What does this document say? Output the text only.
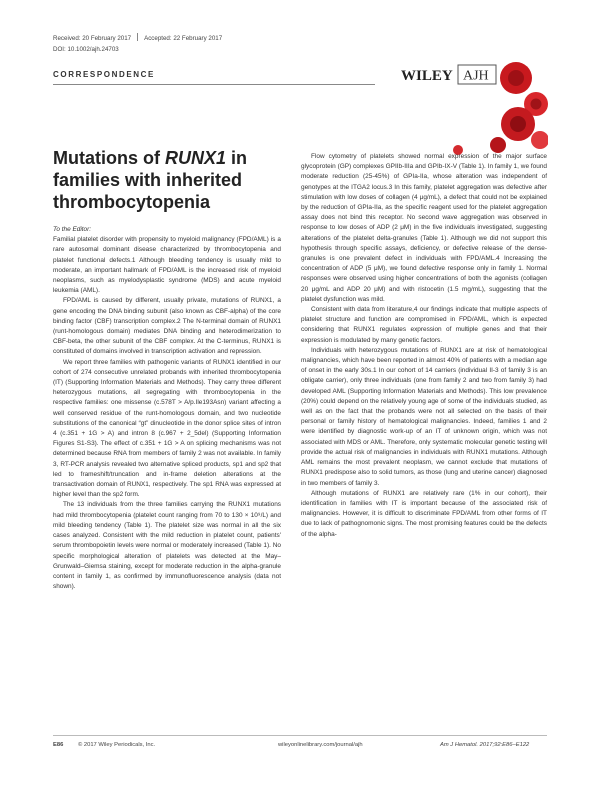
Received: 20 February 2017 Accepted: 22 February 2017
DOI: 10.1002/ajh.24703
CORRESPONDENCE	WILEY AJH
Mutations of RUNX1 in families with inherited thrombocytopenia

To the Editor:

Familial platelet disorder with propensity to myeloid malignancy (FPD/AML) is a rare autosomal dominant disease characterized by thrombocytopenia and platelet functional defects.1 Although bleeding tendency is usually mild to moderate, an important hallmark of FPD/AML is the increased risk of myeloid neoplasms, such as myelodysplastic syndrome (MDS) and acute myeloid leukemia (AML).

FPD/AML is caused by different, usually private, mutations of RUNX1, a gene encoding the DNA binding subunit (also known as CBF-alpha) of the core binding factor (CBF) transcription complex.2 The N-terminal domain of RUNX1 (runt-homologous domain) mediates DNA binding and heterodimerization to CBF-beta, the other subunit of the CBF complex. At the C-terminus, RUNX1 is constituted of domains involved in transcription activation and repression.

We report three families with pathogenic variants of RUNX1 identified in our cohort of 274 consecutive unrelated probands with inherited thrombocytopenia (IT) (Supporting Information Materials and Methods). They carry three different heterozygous mutations, all segregating with thrombocytopenia in the respective families: one missense (c.578T > A/p.Ile193Asn) variant affecting a well conserved residue of the runt-homologous domain, and two nucleotide substitutions of the canonical “gt” dinucleotide in the donor splice sites of intron 4 (c.351 + 1G > A) and intron 8 (c.967 + 2_5del) (Supporting Information Figures S1-S3). The effect of c.351 + 1G > A on splicing mechanisms was not determined because RNA from members of family 2 was not available. In family 3, RT-PCR analysis revealed two alternative spliced products, sp1 and sp2 that led to frameshift/truncation and in-frame deletion alterations at the transactivation domain of RUNX1, respectively. The sp1 RNA was expressed at higher level than the sp2 form.

The 13 individuals from the three families carrying the RUNX1 mutations had mild thrombocytopenia (platelet count ranging from 70 to 130 × 10⁹/L) and mild bleeding tendency (Table 1). The platelet size was normal in all the six cases analyzed. Consistent with the mild reduction in platelet count, patients' serum thrombopoietin levels were normal or moderately increased (Table 1). No specific morphological alteration of platelets was detected at the May–Grunwald–Giemsa staining, except for moderate reduction in the alpha-granule content in family 1, as confirmed by immunofluorescence analysis (data not shown).

Flow cytometry of platelets showed normal expression of the major surface glycoprotein (GP) complexes GPIIb-IIIa and GPIb-IX-V (Table 1). In family 1, we found moderate reduction (25-45%) of GPIa-IIa, whose alteration was independent of genotypes at the ITGA2 locus.3 In this family, platelet aggregation was defective after stimulation with low doses of collagen (4 μg/mL), a defect that could not be explained by the reduction of GPIa-IIa, as the specific reagent used for the platelet aggregation assay does not bind this receptor. No second wave aggregation was observed in response to low doses of ADP (2 μM) in the five individuals investigated, suggesting alterations of the platelet delta-granules (Table 1). Although we did not support this hypothesis through specific assays, deficiency, or defective release of the dense-granules is one prevalent defect in individuals with FPD/AML.4 Increasing the concentration of ADP (5 μM), we found defective response only in family 1. Normal responses were observed using higher concentrations of both the agonists (collagen 20 μg/mL and ADP 20 μM) and with ristocetin (1.5 mg/mL), suggesting that the platelet dysfunction was mild.

Consistent with data from literature,4 our findings indicate that multiple aspects of platelet structure and function are compromised in FPD/AML, which is expected considering that RUNX1 regulates expression of multiple genes and that their expression is modulated by many genetic factors.

Individuals with heterozygous mutations of RUNX1 are at risk of hematological malignancies, which have been reported in almost 40% of patients with a median age of onset in the early 30s.1 In our cohort of 14 carriers (individual II-3 of family 3 is an obligate carrier), only three individuals (one from family 2 and two from family 3) had developed AML (Supporting Information Materials and Methods). This low prevalence (20%) could depend on the relatively young age of some of the individuals studied, as well as on the fact that the probands were not all selected on the basis of their personal or family history of hematological malignancies. Indeed, families 1 and 2 were identified by diagnostic work-up of an IT of unknown origin, which was not associated with MDS or AML. Therefore, only systematic molecular genetic testing will provide the actual risk of malignancies in individuals with RUNX1 mutations. Although AML remains the most prevalent neoplasm, we cannot exclude that mutations of RUNX1 predispose also to solid tumors, as those (lung and uterine cancer) diagnosed in two members of family 3.

Although mutations of RUNX1 are relatively rare (1% in our cohort), their identification in families with IT is important because of the associated risk of malignancies. However, it is difficult to discriminate FPD/AML from other forms of IT due to lack of pathognomonic signs. The most promising features could be the defects of the alpha-

E86	© 2017 Wiley Periodicals, Inc.	wileyonlinelibrary.com/journal/ajh	Am J Hematol. 2017;92:E86–E122
